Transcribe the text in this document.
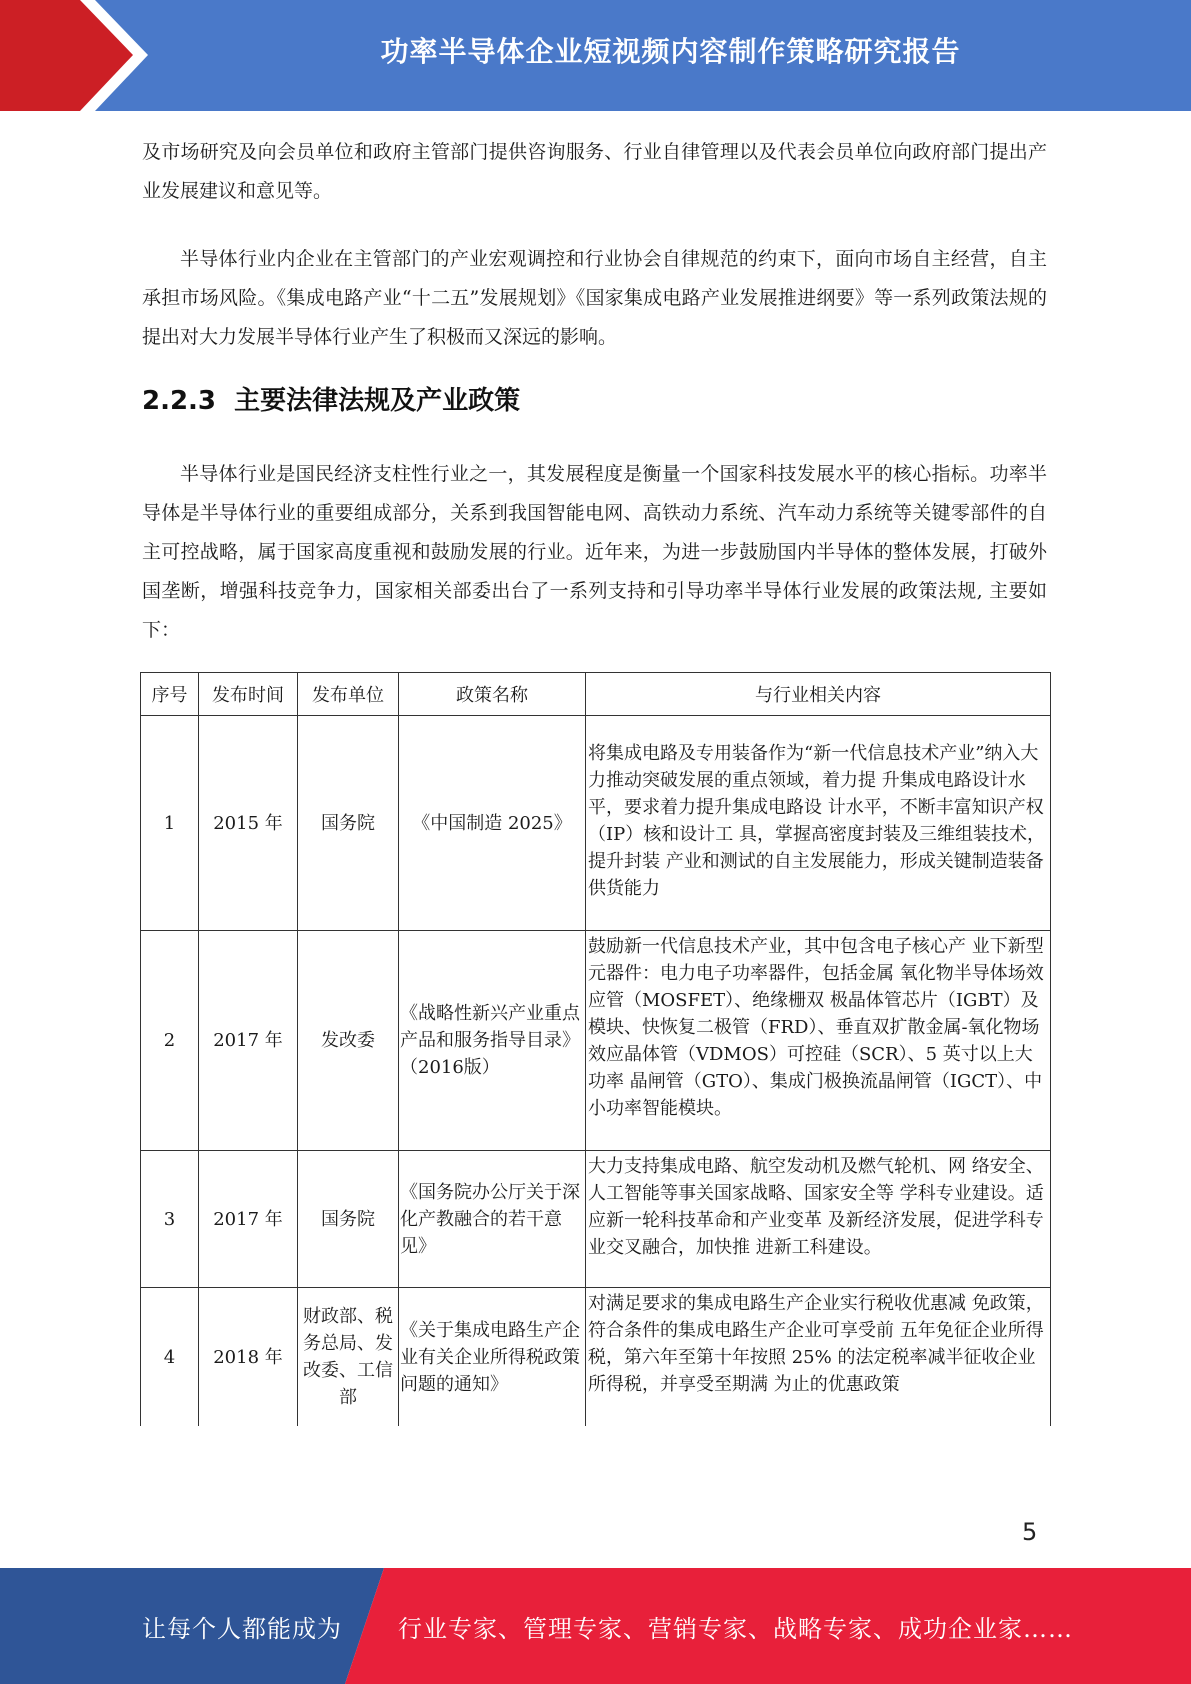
功率半导体企业短视频内容制作策略研究报告

及市场研究及向会员单位和政府主管部门提供咨询服务、行业自律管理以及代表会员单位向政府部门提出产业发展建议和意见等。

半导体行业内企业在主管部门的产业宏观调控和行业协会自律规范的约束下，面向市场自主经营，自主承担市场风险。《集成电路产业“十二五”发展规划》《国家集成电路产业发展推进纲要》等一系列政策法规的提出对大力发展半导体行业产生了积极而又深远的影响。

2.2.3 主要法律法规及产业政策

半导体行业是国民经济支柱性行业之一，其发展程度是衡量一个国家科技发展水平的核心指标。功率半导体是半导体行业的重要组成部分，关系到我国智能电网、高铁动力系统、汽车动力系统等关键零部件的自主可控战略，属于国家高度重视和鼓励发展的行业。近年来，为进一步鼓励国内半导体的整体发展，打破外国垄断，增强科技竞争力，国家相关部委出台了一系列支持和引导功率半导体行业发展的政策法规, 主要如下：

序号	发布时间	发布单位	政策名称	与行业相关内容
1	2015 年	国务院	《中国制造 2025》	将集成电路及专用装备作为“新一代信息技术产业”纳入大力推动突破发展的重点领域，着力提 升集成电路设计水平，要求着力提升集成电路设 计水平，不断丰富知识产权（IP）核和设计工 具，掌握高密度封装及三维组装技术，提升封装 产业和测试的自主发展能力，形成关键制造装备 供货能力
2	2017 年	发改委	《战略性新兴产业重点产品和服务指导目录》（2016版）	鼓励新一代信息技术产业，其中包含电子核心产 业下新型元器件：电力电子功率器件，包括金属 氧化物半导体场效应管（MOSFET）、绝缘栅双 极晶体管芯片（IGBT）及模块、快恢复二极管（FRD）、垂直双扩散金属-氧化物场效应晶体管（VDMOS）可控硅（SCR）、5 英寸以上大功率 晶闸管（GTO）、集成门极换流晶闸管（IGCT）、中小功率智能模块。
3	2017 年	国务院	《国务院办公厅关于深化产教融合的若干意见》	大力支持集成电路、航空发动机及燃气轮机、网 络安全、人工智能等事关国家战略、国家安全等 学科专业建设。适应新一轮科技革命和产业变革 及新经济发展，促进学科专业交叉融合，加快推 进新工科建设。
4	2018 年	财政部、税务总局、发改委、工信部	《关于集成电路生产企业有关企业所得税政策问题的通知》	对满足要求的集成电路生产企业实行税收优惠减 免政策，符合条件的集成电路生产企业可享受前 五年免征企业所得税，第六年至第十年按照 25% 的法定税率减半征收企业所得税，并享受至期满 为止的优惠政策
5
让每个人都能成为 行业专家、管理专家、营销专家、战略专家、成功企业家……
